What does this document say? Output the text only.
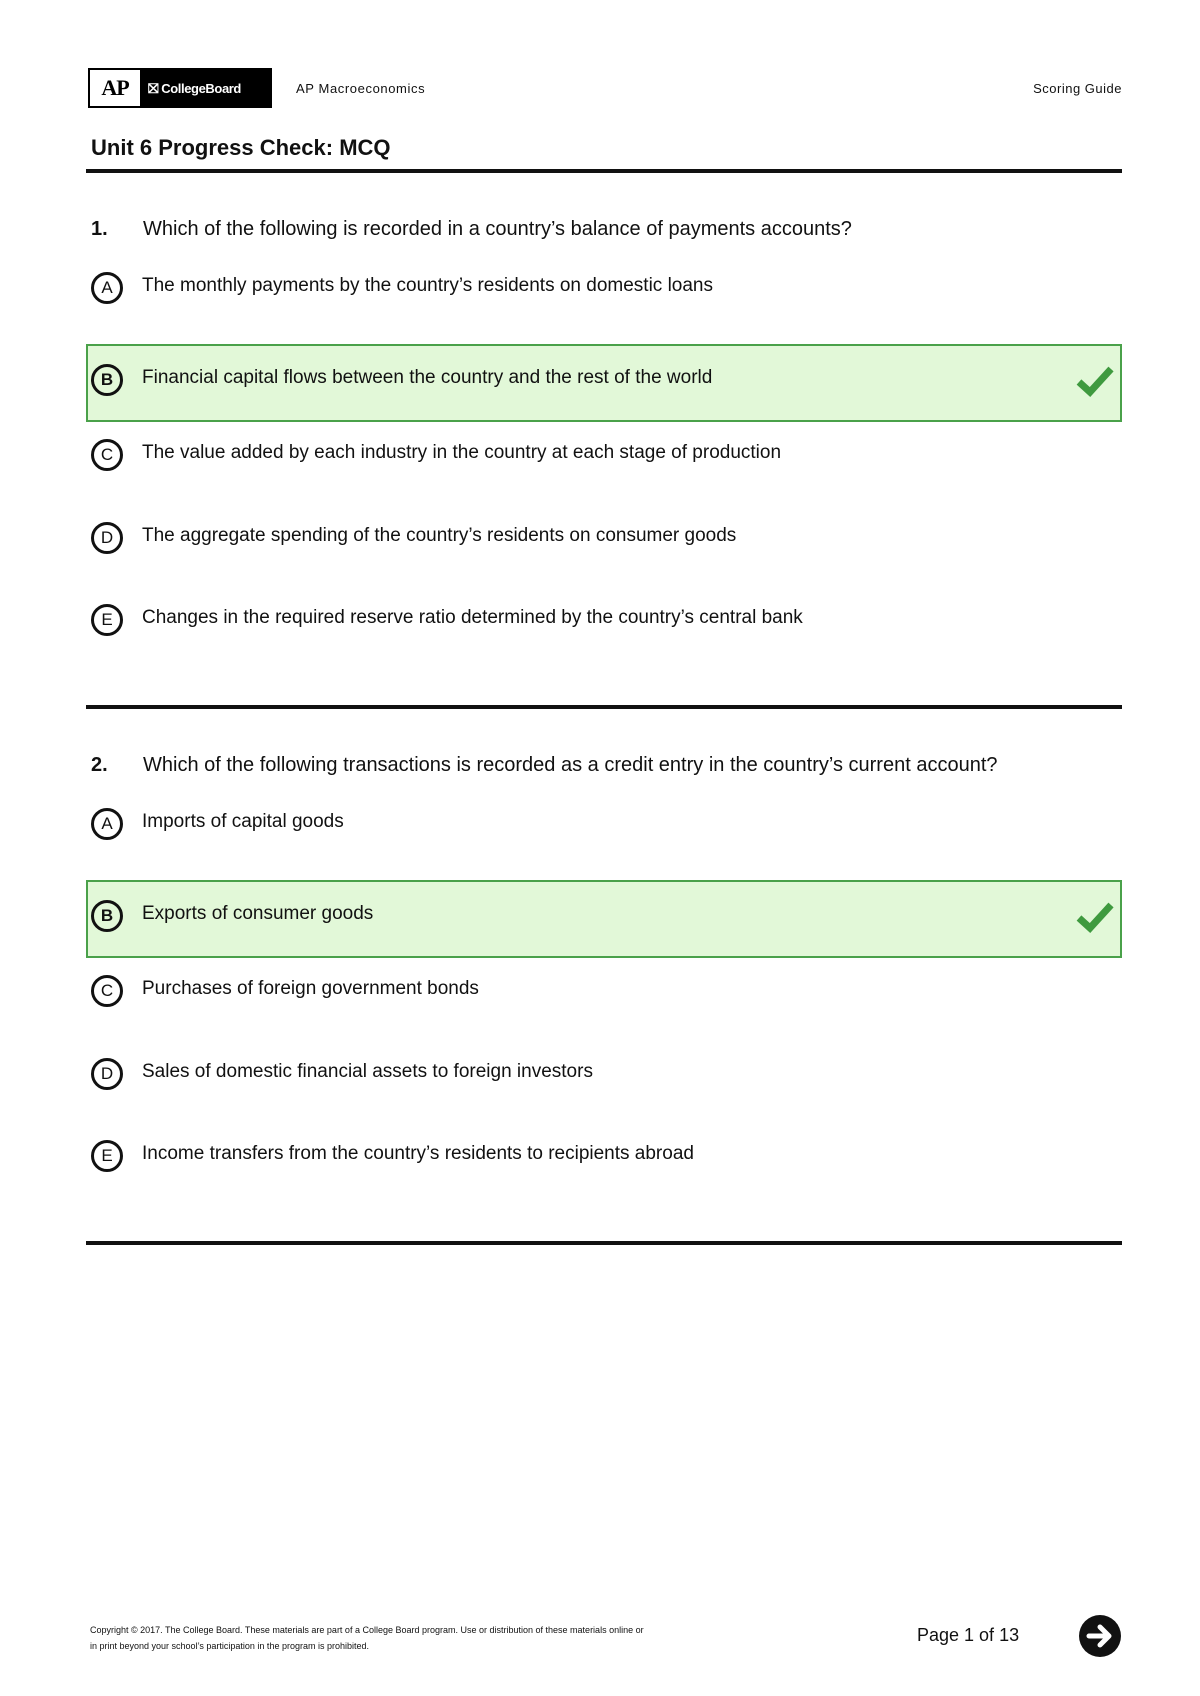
AP	⛝ CollegeBoard	AP Macroeconomics	Scoring Guide
Unit 6 Progress Check: MCQ
1. Which of the following is recorded in a country’s balance of payments accounts?
A	The monthly payments by the country’s residents on domestic loans
B	Financial capital flows between the country and the rest of the world
C	The value added by each industry in the country at each stage of production
D	The aggregate spending of the country’s residents on consumer goods
E	Changes in the required reserve ratio determined by the country’s central bank
2. Which of the following transactions is recorded as a credit entry in the country’s current account?
A	Imports of capital goods
B	Exports of consumer goods
C	Purchases of foreign government bonds
D	Sales of domestic financial assets to foreign investors
E	Income transfers from the country’s residents to recipients abroad
Copyright © 2017. The College Board. These materials are part of a College Board program. Use or distribution of these materials online or
in print beyond your school’s participation in the program is prohibited.
Page 1 of 13
